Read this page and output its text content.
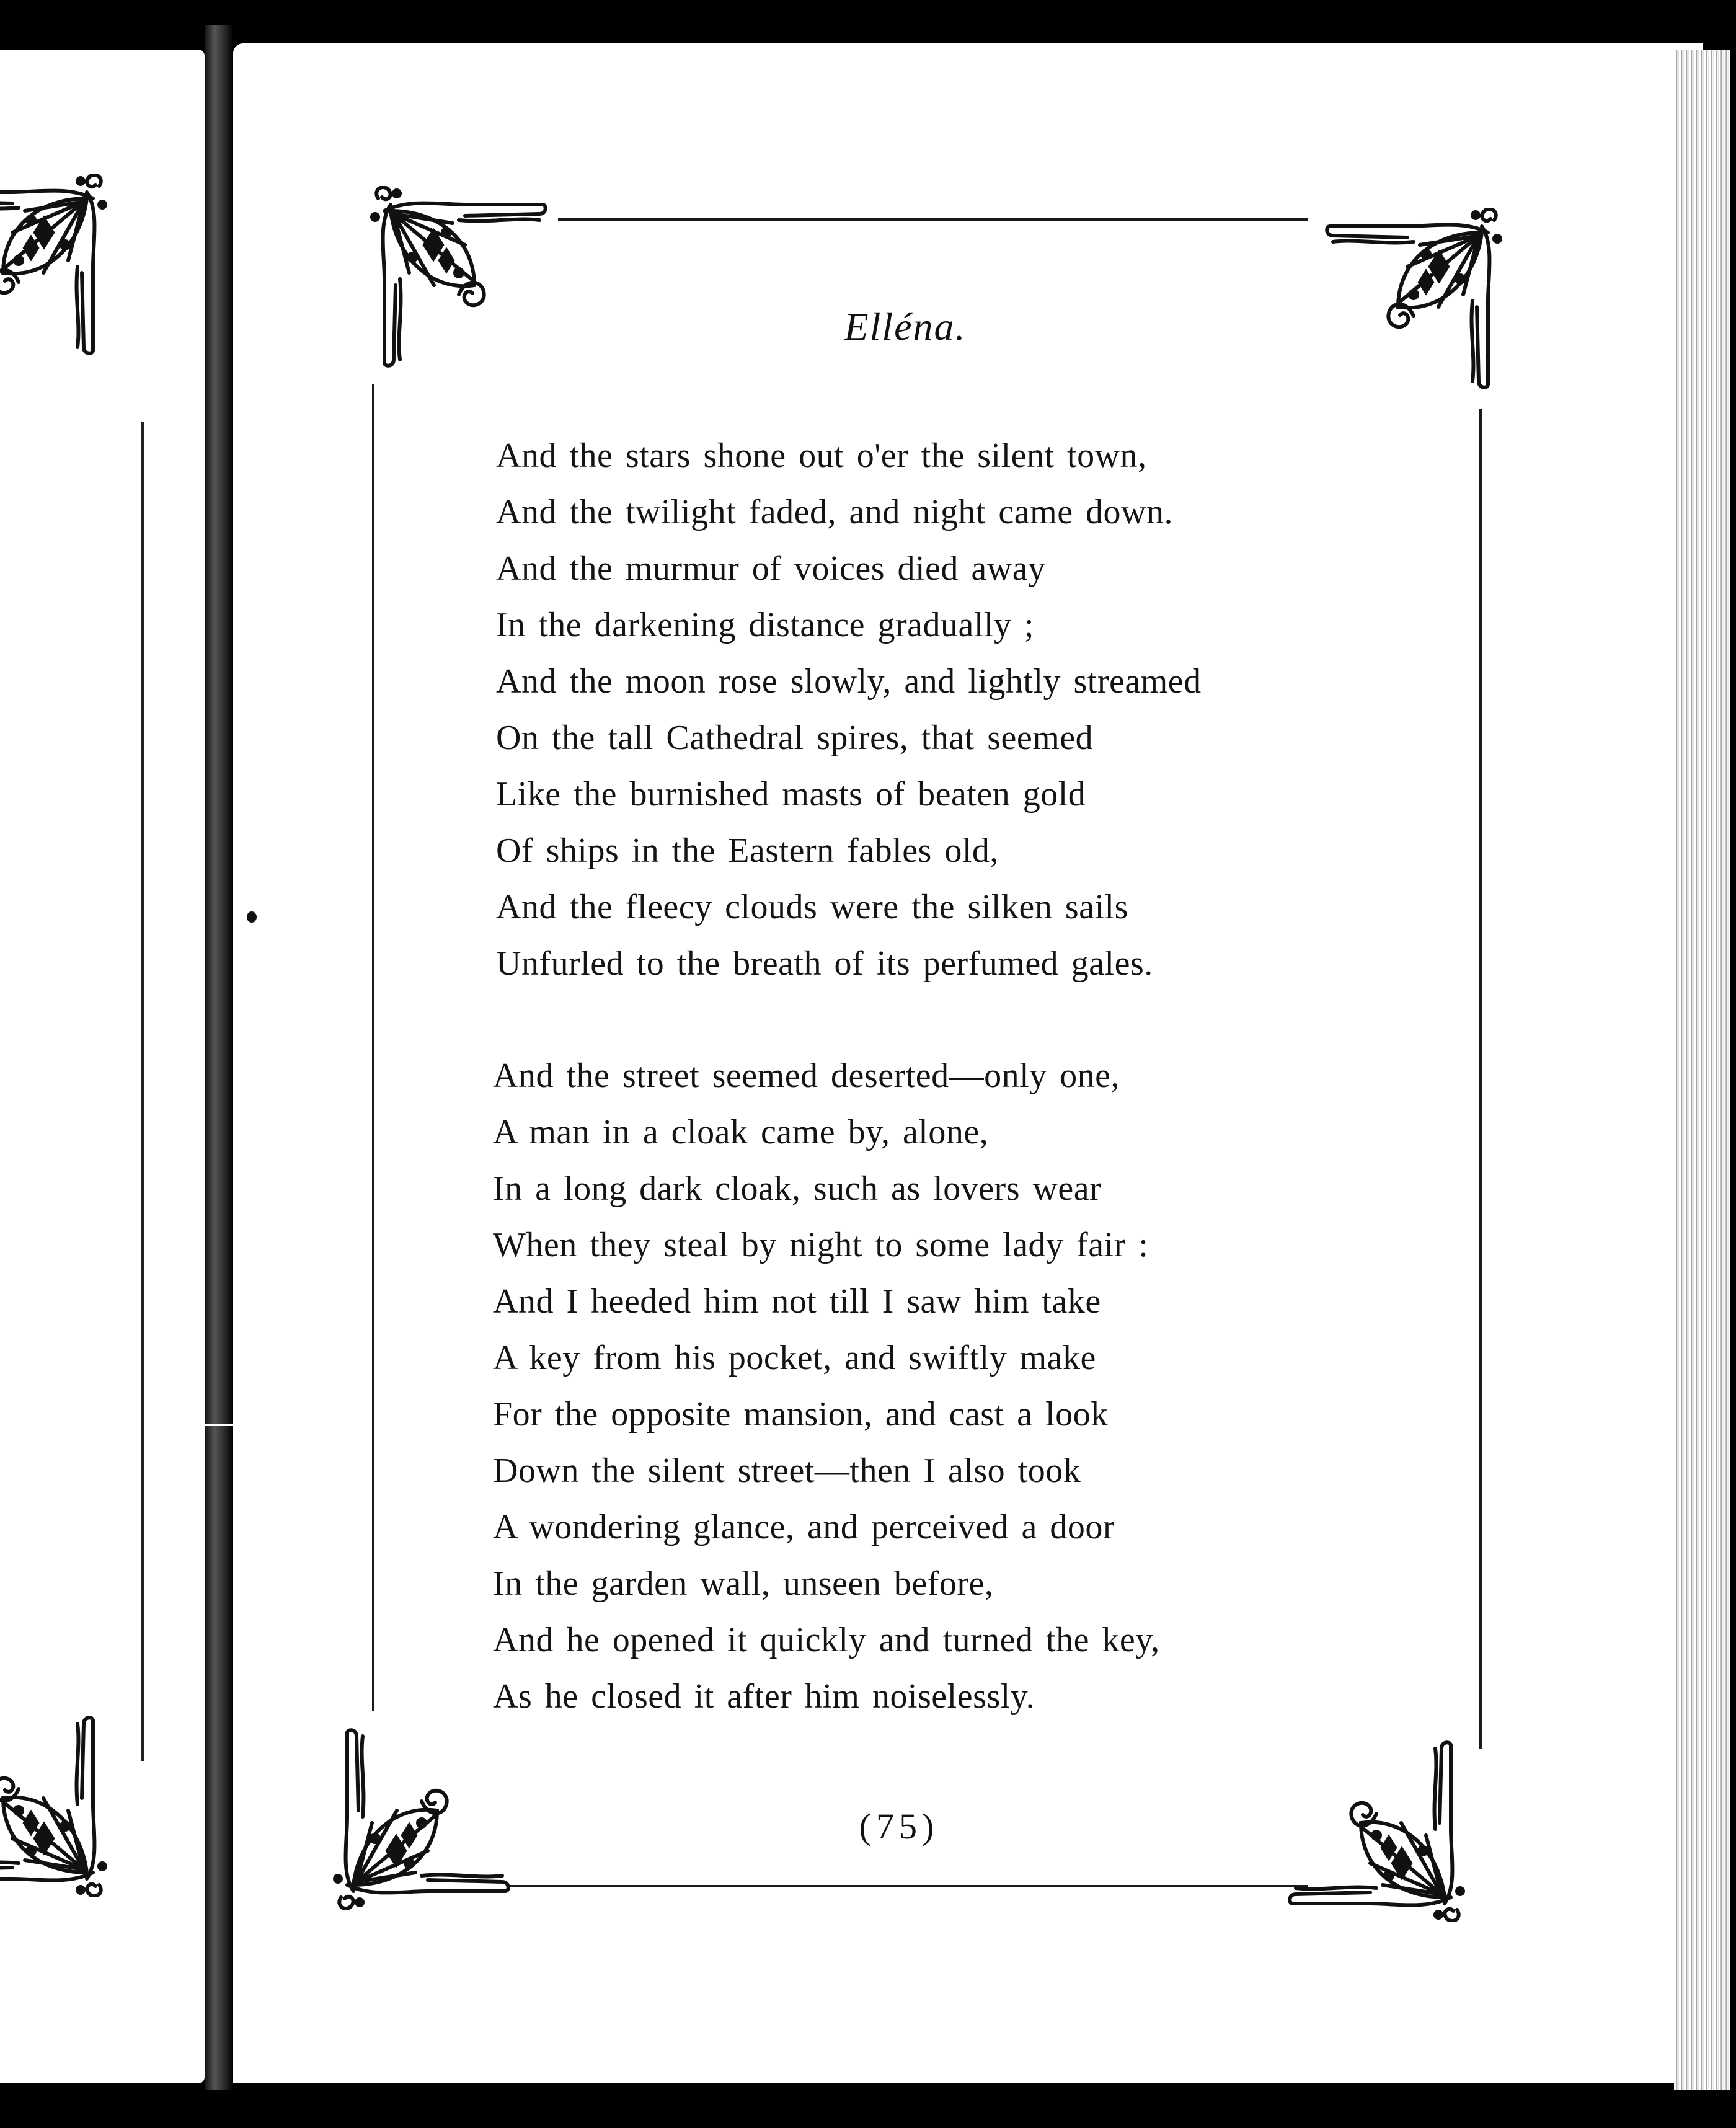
Elléna.
And the stars shone out o'er the silent town,
And the twilight faded, and night came down.
And the murmur of voices died away
In the darkening distance gradually ;
And the moon rose slowly, and lightly streamed
On the tall Cathedral spires, that seemed
Like the burnished masts of beaten gold
Of ships in the Eastern fables old,
And the fleecy clouds were the silken sails
Unfurled to the breath of its perfumed gales.
And the street seemed deserted—only one,
A man in a cloak came by, alone,
In a long dark cloak, such as lovers wear
When they steal by night to some lady fair :
And I heeded him not till I saw him take
A key from his pocket, and swiftly make
For the opposite mansion, and cast a look
Down the silent street—then I also took
A wondering glance, and perceived a door
In the garden wall, unseen before,
And he opened it quickly and turned the key,
As he closed it after him noiselessly.
(75)
